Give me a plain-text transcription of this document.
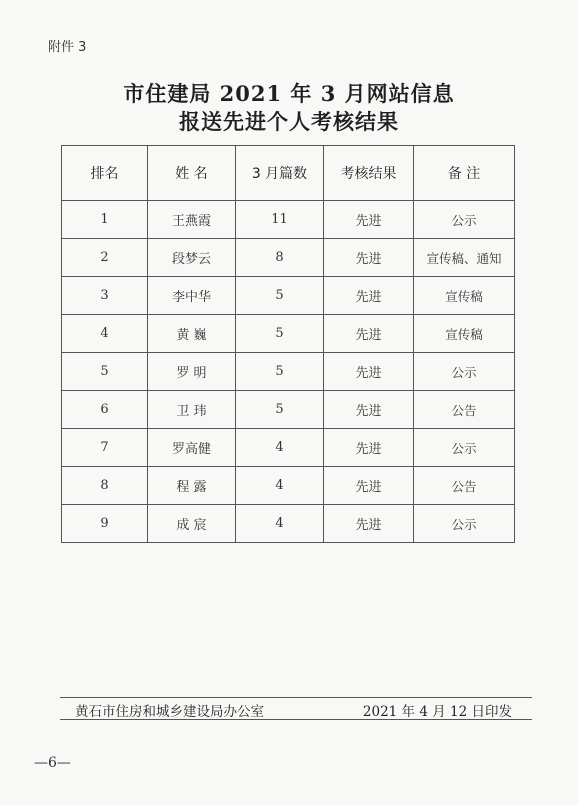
附件 3
市住建局 2021 年 3 月网站信息
报送先进个人考核结果
排名	姓 名	3 月篇数	考核结果	备 注
1	王燕霞	11	先进	公示
2	段梦云	8	先进	宣传稿、通知
3	李中华	5	先进	宣传稿
4	黄 巍	5	先进	宣传稿
5	罗 明	5	先进	公示
6	卫 玮	5	先进	公告
7	罗高健	4	先进	公示
8	程 露	4	先进	公告
9	成 宸	4	先进	公示
黄石市住房和城乡建设局办公室	2021 年 4 月 12 日印发
—6—
